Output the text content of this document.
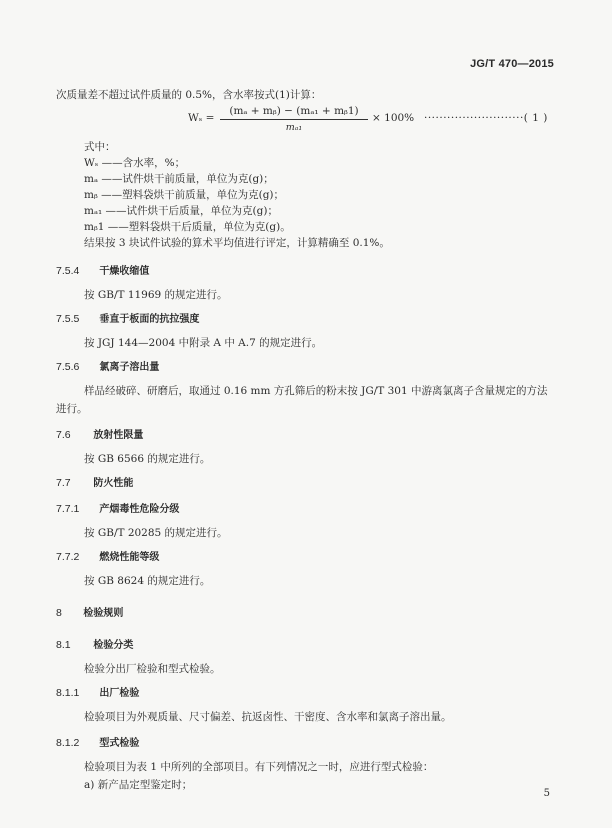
JG/T 470—2015
次质量差不超过试件质量的 0.5%，含水率按式(1)计算：
Wₛ =
(mₐ + mᵦ) − (mₐ₁ + mᵦ1)
mₐ₁
× 100% ··························( 1 )
式中：
Wₛ ——含水率，%；
mₐ ——试件烘干前质量，单位为克(g)；
mᵦ ——塑料袋烘干前质量，单位为克(g)；
mₐ₁ ——试件烘干后质量，单位为克(g)；
mᵦ1 ——塑料袋烘干后质量，单位为克(g)。
结果按 3 块试件试验的算术平均值进行评定，计算精确至 0.1%。
7.5.4 干燥收缩值
按 GB/T 11969 的规定进行。
7.5.5 垂直于板面的抗拉强度
按 JGJ 144—2004 中附录 A 中 A.7 的规定进行。
7.5.6 氯离子溶出量
样品经破碎、研磨后，取通过 0.16 mm 方孔筛后的粉末按 JG/T 301 中游离氯离子含量规定的方法
进行。
7.6 放射性限量
按 GB 6566 的规定进行。
7.7 防火性能
7.7.1 产烟毒性危险分级
按 GB/T 20285 的规定进行。
7.7.2 燃烧性能等级
按 GB 8624 的规定进行。
8 检验规则
8.1 检验分类
检验分出厂检验和型式检验。
8.1.1 出厂检验
检验项目为外观质量、尺寸偏差、抗返卤性、干密度、含水率和氯离子溶出量。
8.1.2 型式检验
检验项目为表 1 中所列的全部项目。有下列情况之一时，应进行型式检验：
a) 新产品定型鉴定时；
5
